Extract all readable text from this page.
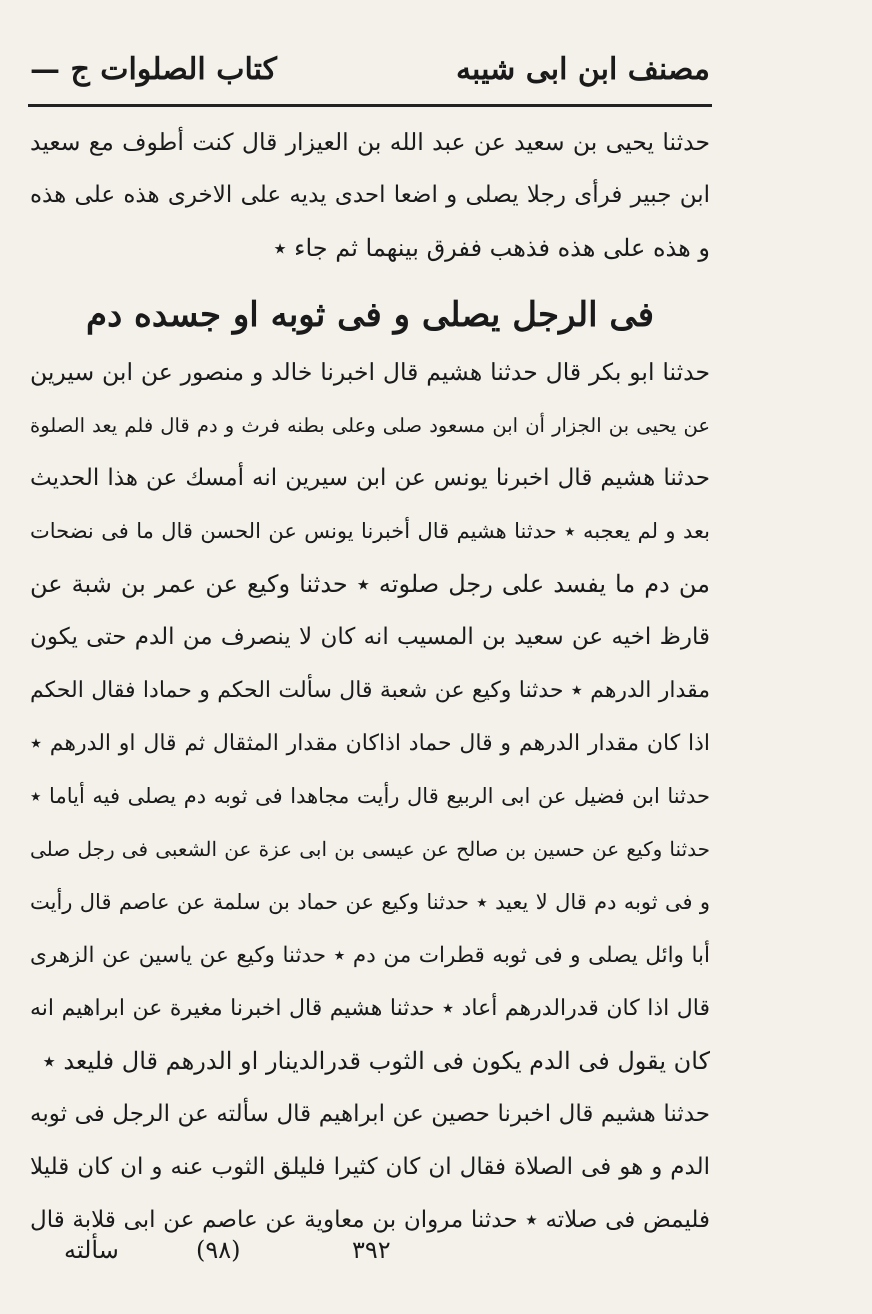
مصنف ابن ابى شيبه
كتاب الصلوات ج —
حدثنا يحيى بن سعيد عن عبد الله بن العيزار قال كنت أطوف مع سعيد
ابن جبير فرأى رجلا يصلى و اضعا احدى يديه على الاخرى هذه على هذه
و هذه على هذه فذهب ففرق بينهما ثم جاء ٭
فى الرجل يصلى و فى ثوبه او جسده دم
حدثنا ابو بكر قال حدثنا هشيم قال اخبرنا خالد و منصور عن ابن سيرين
عن يحيى بن الجزار أن ابن مسعود صلى وعلى بطنه فرث و دم قال فلم يعد الصلوة
حدثنا هشيم قال اخبرنا يونس عن ابن سيرين انه أمسك عن هذا الحديث
بعد و لم يعجبه ٭ حدثنا هشيم قال أخبرنا يونس عن الحسن قال ما فى نضحات
من دم ما يفسد على رجل صلوته ٭ حدثنا وكيع عن عمر بن شبة عن
قارظ اخيه عن سعيد بن المسيب انه كان لا ينصرف من الدم حتى يكون
مقدار الدرهم ٭ حدثنا وكيع عن شعبة قال سألت الحكم و حمادا فقال الحكم
اذا كان مقدار الدرهم و قال حماد اذاكان مقدار المثقال ثم قال او الدرهم ٭
حدثنا ابن فضيل عن ابى الربيع قال رأيت مجاهدا فى ثوبه دم يصلى فيه أياما ٭
حدثنا وكيع عن حسين بن صالح عن عيسى بن ابى عزة عن الشعبى فى رجل صلى
و فى ثوبه دم قال لا يعيد ٭ حدثنا وكيع عن حماد بن سلمة عن عاصم قال رأيت
أبا وائل يصلى و فى ثوبه قطرات من دم ٭ حدثنا وكيع عن ياسين عن الزهرى
قال اذا كان قدرالدرهم أعاد ٭ حدثنا هشيم قال اخبرنا مغيرة عن ابراهيم انه
كان يقول فى الدم يكون فى الثوب قدرالدينار او الدرهم قال فليعد ٭
حدثنا هشيم قال اخبرنا حصين عن ابراهيم قال سألته عن الرجل فى ثوبه
الدم و هو فى الصلاة فقال ان كان كثيرا فليلق الثوب عنه و ان كان قليلا
فليمض فى صلاته ٭ حدثنا مروان بن معاوية عن عاصم عن ابى قلابة قال
٣٩٢
(٩٨)
سألته
